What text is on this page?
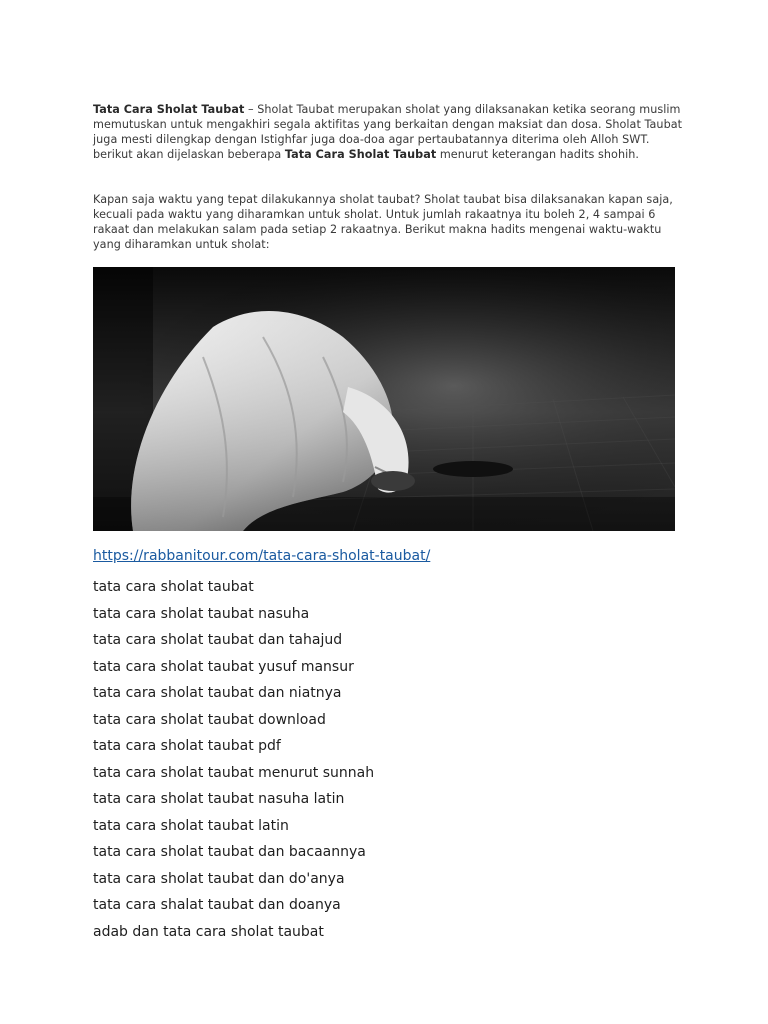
Tata Cara Sholat Taubat – Sholat Taubat merupakan sholat yang dilaksanakan ketika seorang muslim memutuskan untuk mengakhiri segala aktifitas yang berkaitan dengan maksiat dan dosa. Sholat Taubat juga mesti dilengkap dengan Istighfar juga doa-doa agar pertaubatannya diterima oleh Alloh SWT. berikut akan dijelaskan beberapa Tata Cara Sholat Taubat menurut keterangan hadits shohih.

Kapan saja waktu yang tepat dilakukannya sholat taubat? Sholat taubat bisa dilaksanakan kapan saja, kecuali pada waktu yang diharamkan untuk sholat. Untuk jumlah rakaatnya itu boleh 2, 4 sampai 6 rakaat dan melakukan salam pada setiap 2 rakaatnya. Berikut makna hadits mengenai waktu-waktu yang diharamkan untuk sholat:

https://rabbanitour.com/tata-cara-sholat-taubat/
tata cara sholat taubat
tata cara sholat taubat nasuha
tata cara sholat taubat dan tahajud
tata cara sholat taubat yusuf mansur
tata cara sholat taubat dan niatnya
tata cara sholat taubat download
tata cara sholat taubat pdf
tata cara sholat taubat menurut sunnah
tata cara sholat taubat nasuha latin
tata cara sholat taubat latin
tata cara sholat taubat dan bacaannya
tata cara sholat taubat dan do'anya
tata cara shalat taubat dan doanya
adab dan tata cara sholat taubat
